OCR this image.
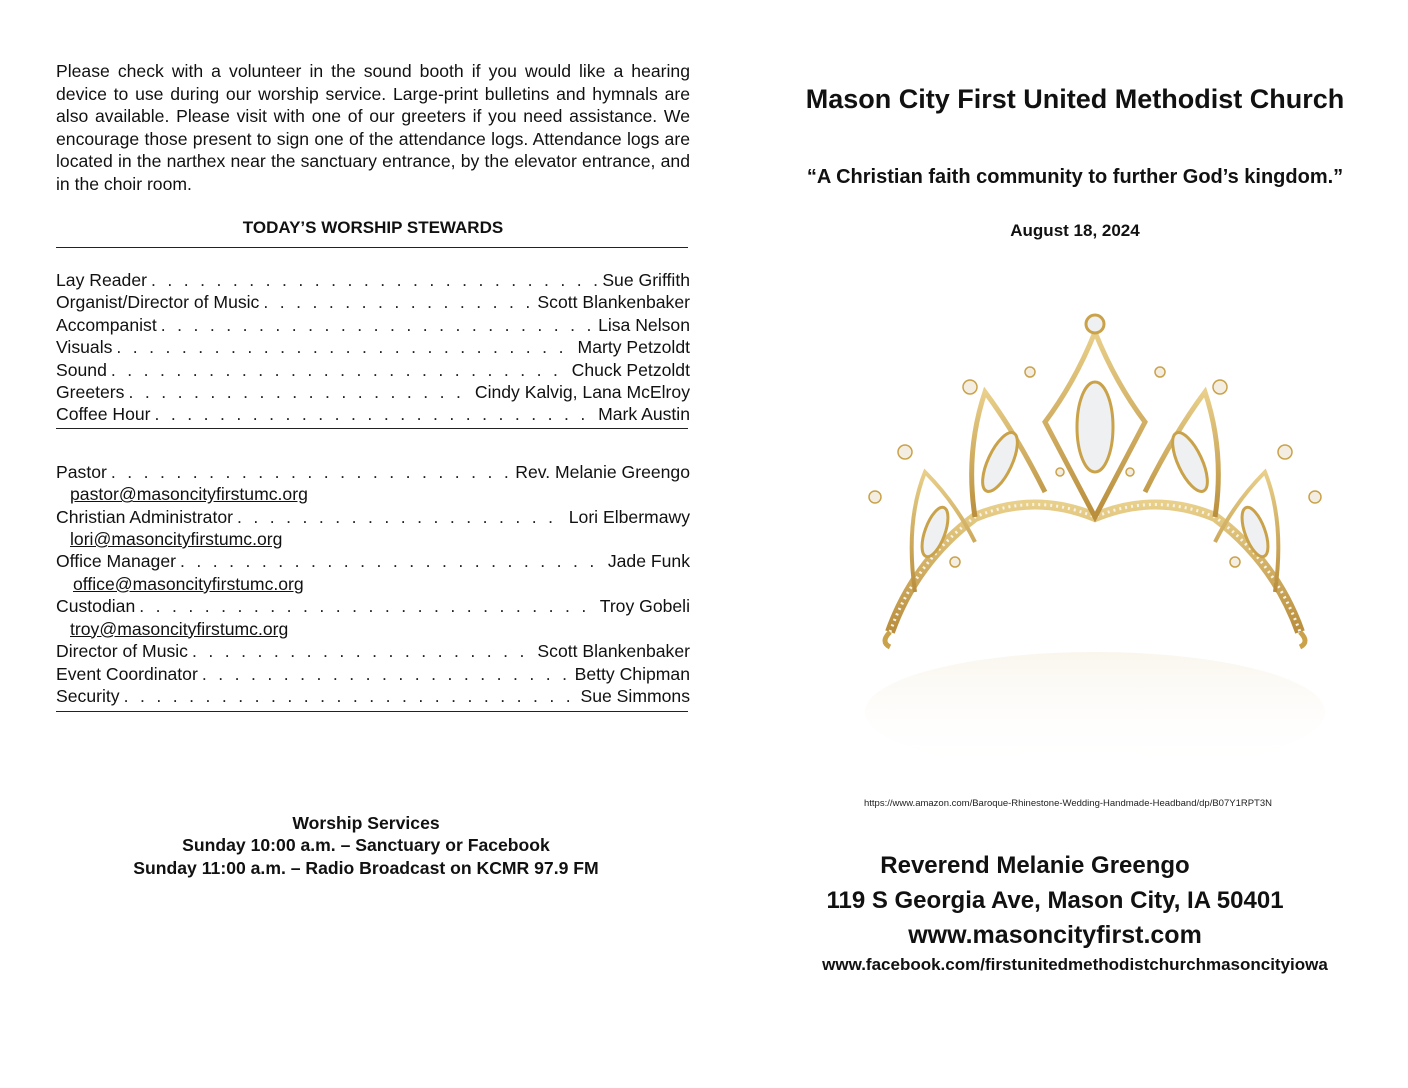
Please check with a volunteer in the sound booth if you would like a hearing device to use during our worship service. Large-print bulletins and hymnals are also available. Please visit with one of our greeters if you need assistance. We encourage those present to sign one of the attendance logs. Attendance logs are located in the narthex near the sanctuary entrance, by the elevator entrance, and in the choir room.

TODAY’S WORSHIP STEWARDS
Lay Reader . . .	Sue Griffith
Organist/Director of Music . . .	Scott Blankenbaker
Accompanist . . .	Lisa Nelson
Visuals . . .	Marty Petzoldt
Sound . . .	Chuck Petzoldt
Greeters . . .	Cindy Kalvig, Lana McElroy
Coffee Hour . . .	Mark Austin
Pastor . . .	Rev. Melanie Greengo
pastor@masoncityfirstumc.org
Christian Administrator . . .	Lori Elbermawy
lori@masoncityfirstumc.org
Office Manager . . .	Jade Funk
office@masoncityfirstumc.org
Custodian . . .	Troy Gobeli
troy@masoncityfirstumc.org
Director of Music . . .	Scott Blankenbaker
Event Coordinator . . .	Betty Chipman
Security . . .	Sue Simmons
Worship Services
Sunday 10:00 a.m. – Sanctuary or Facebook
Sunday 11:00 a.m. – Radio Broadcast on KCMR 97.9 FM
Mason City First United Methodist Church
“A Christian faith community to further God’s kingdom.”
August 18, 2024
https://www.amazon.com/Baroque-Rhinestone-Wedding-Handmade-Headband/dp/B07Y1RPT3N
Reverend Melanie Greengo
119 S Georgia Ave, Mason City, IA 50401
www.masoncityfirst.com
www.facebook.com/firstunitedmethodistchurchmasoncityiowa
